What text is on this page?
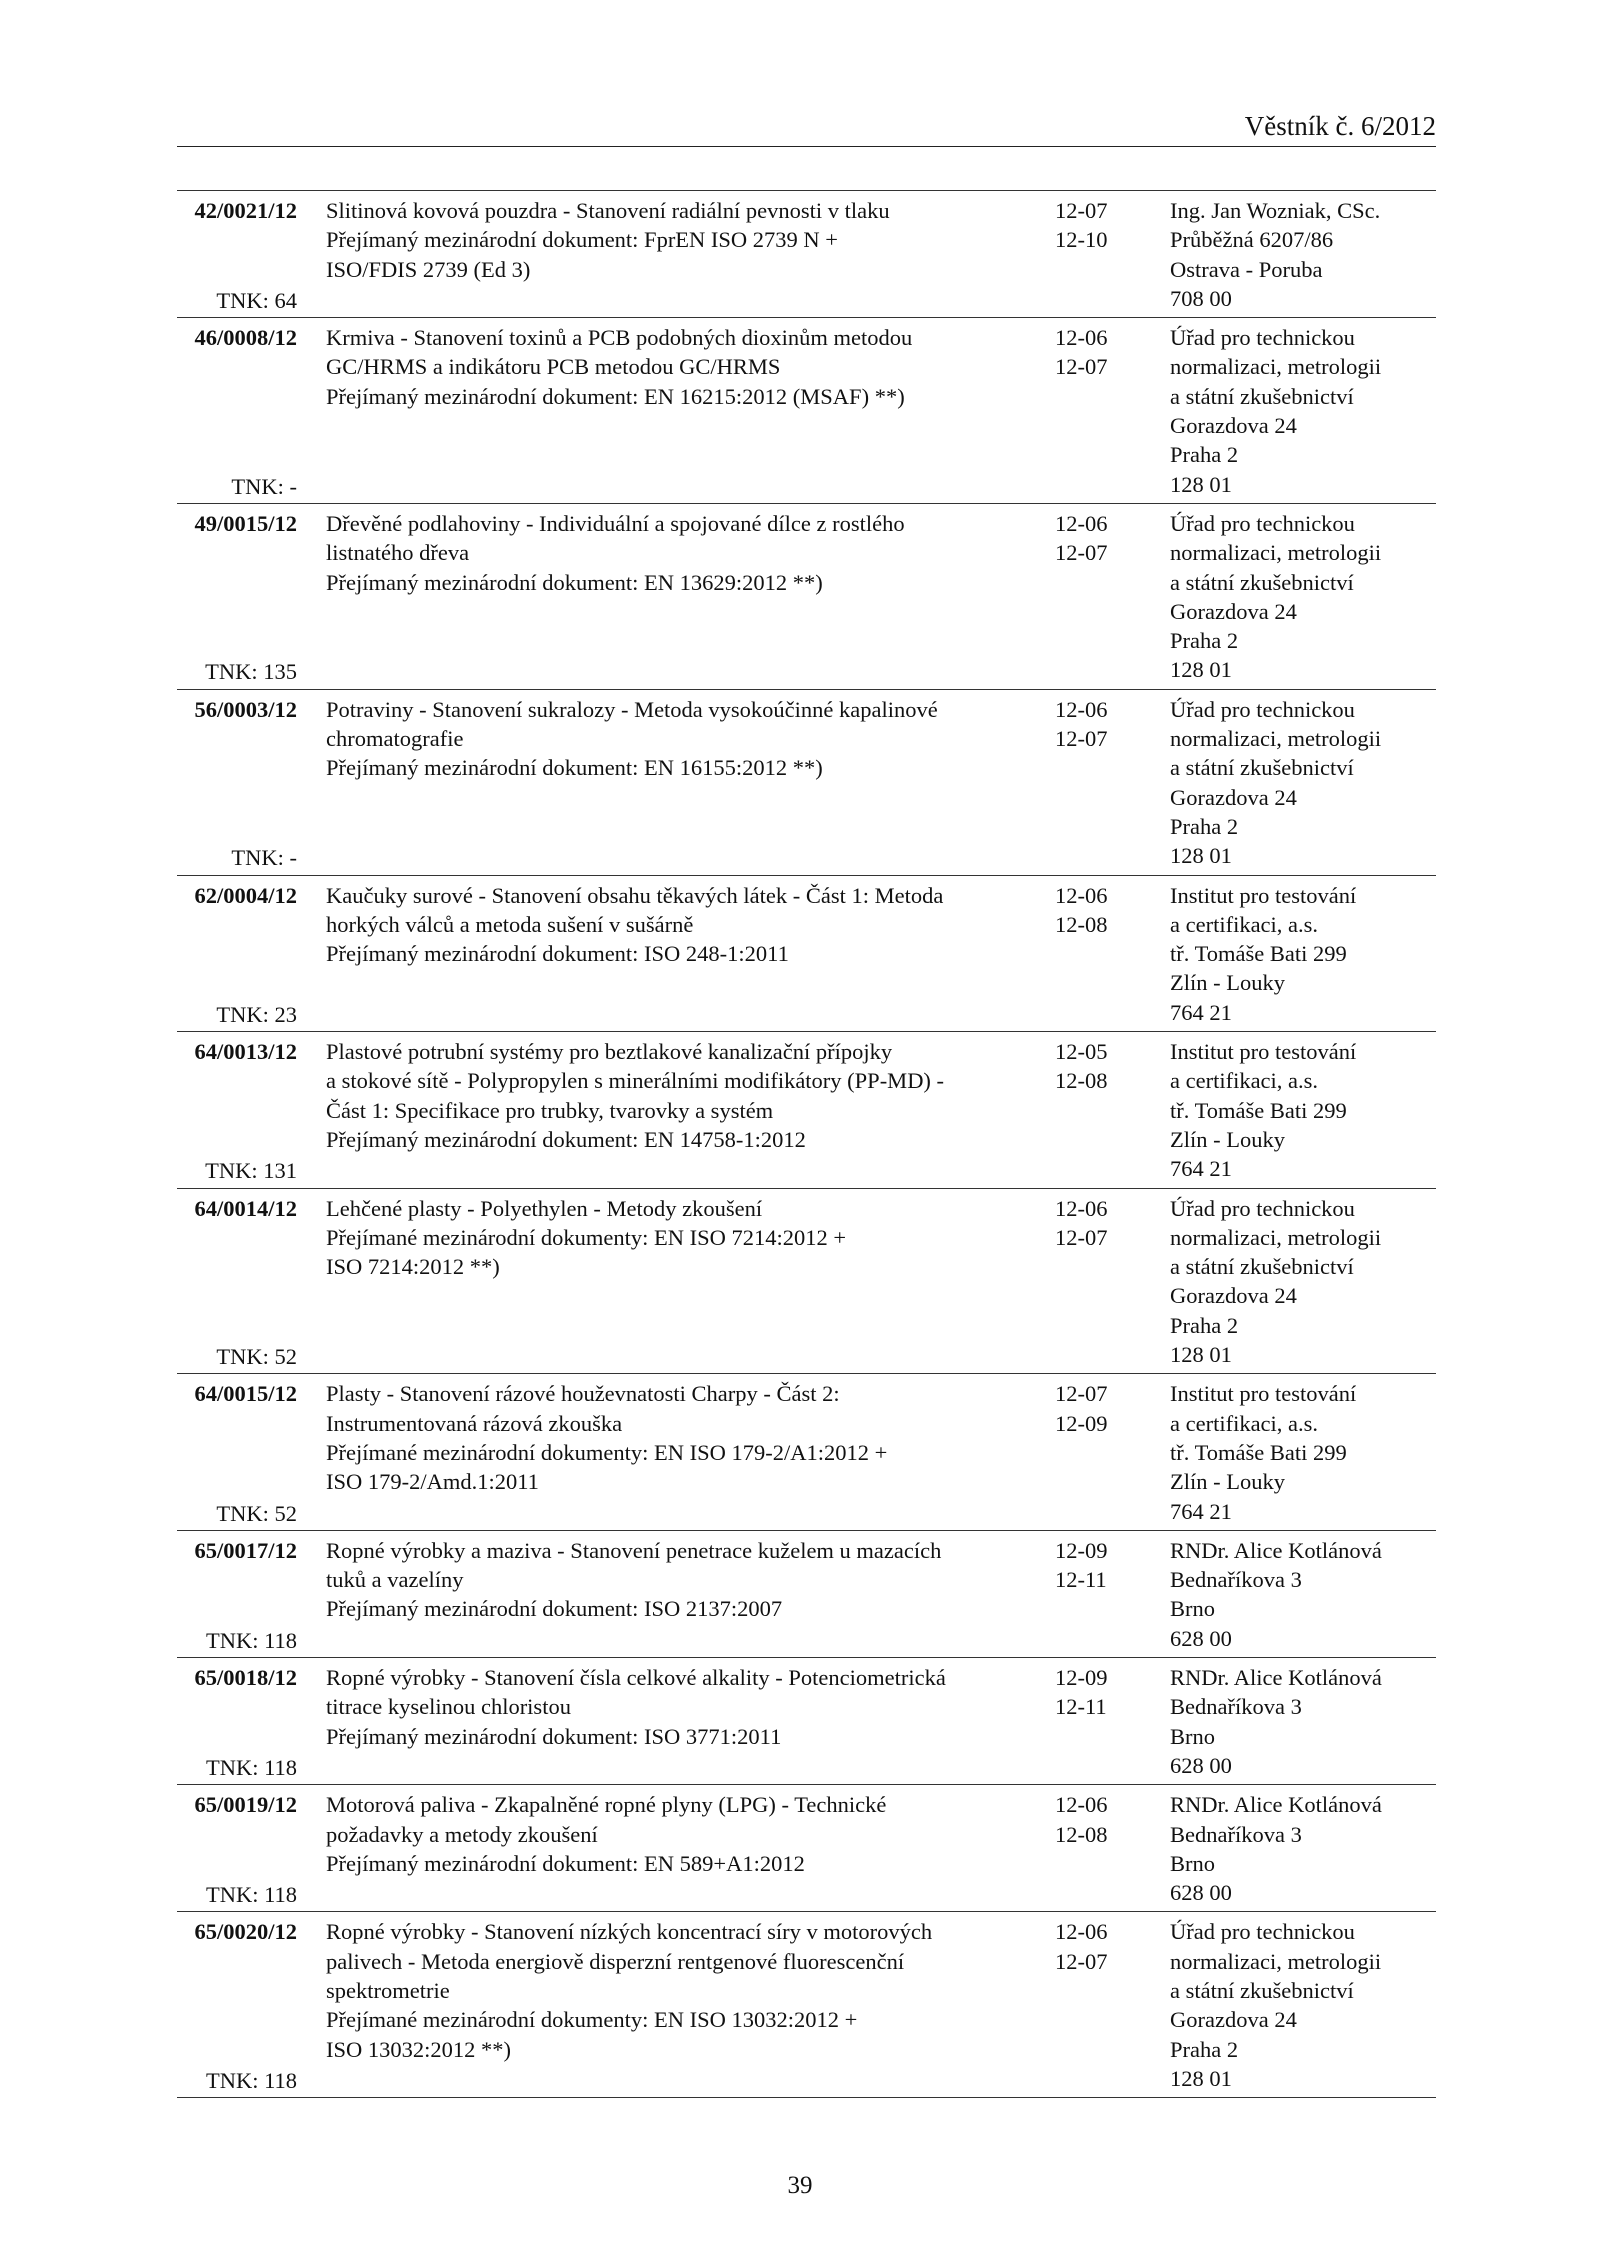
Věstník č. 6/2012
42/0021/12
TNK: 64
Slitinová kovová pouzdra - Stanovení radiální pevnosti v tlaku
Přejímaný mezinárodní dokument: FprEN ISO 2739 N +
ISO/FDIS 2739 (Ed 3)
12-07
12-10
Ing. Jan Wozniak, CSc.
Průběžná 6207/86
Ostrava - Poruba
708 00
46/0008/12
TNK: -
Krmiva - Stanovení toxinů a PCB podobných dioxinům metodou
GC/HRMS a indikátoru PCB metodou GC/HRMS
Přejímaný mezinárodní dokument: EN 16215:2012 (MSAF) **)
12-06
12-07
Úřad pro technickou
normalizaci, metrologii
a státní zkušebnictví
Gorazdova 24
Praha 2
128 01
49/0015/12
TNK: 135
Dřevěné podlahoviny - Individuální a spojované dílce z rostlého
listnatého dřeva
Přejímaný mezinárodní dokument: EN 13629:2012 **)
12-06
12-07
Úřad pro technickou
normalizaci, metrologii
a státní zkušebnictví
Gorazdova 24
Praha 2
128 01
56/0003/12
TNK: -
Potraviny - Stanovení sukralozy - Metoda vysokoúčinné kapalinové
chromatografie
Přejímaný mezinárodní dokument: EN 16155:2012 **)
12-06
12-07
Úřad pro technickou
normalizaci, metrologii
a státní zkušebnictví
Gorazdova 24
Praha 2
128 01
62/0004/12
TNK: 23
Kaučuky surové - Stanovení obsahu těkavých látek - Část 1: Metoda
horkých válců a metoda sušení v sušárně
Přejímaný mezinárodní dokument: ISO 248-1:2011
12-06
12-08
Institut pro testování
a certifikaci, a.s.
tř. Tomáše Bati 299
Zlín - Louky
764 21
64/0013/12
TNK: 131
Plastové potrubní systémy pro beztlakové kanalizační přípojky
a stokové sítě - Polypropylen s minerálními modifikátory (PP-MD) -
Část 1: Specifikace pro trubky, tvarovky a systém
Přejímaný mezinárodní dokument: EN 14758-1:2012
12-05
12-08
Institut pro testování
a certifikaci, a.s.
tř. Tomáše Bati 299
Zlín - Louky
764 21
64/0014/12
TNK: 52
Lehčené plasty - Polyethylen - Metody zkoušení
Přejímané mezinárodní dokumenty: EN ISO 7214:2012 +
ISO 7214:2012 **)
12-06
12-07
Úřad pro technickou
normalizaci, metrologii
a státní zkušebnictví
Gorazdova 24
Praha 2
128 01
64/0015/12
TNK: 52
Plasty - Stanovení rázové houževnatosti Charpy - Část 2:
Instrumentovaná rázová zkouška
Přejímané mezinárodní dokumenty: EN ISO 179-2/A1:2012 +
ISO 179-2/Amd.1:2011
12-07
12-09
Institut pro testování
a certifikaci, a.s.
tř. Tomáše Bati 299
Zlín - Louky
764 21
65/0017/12
TNK: 118
Ropné výrobky a maziva - Stanovení penetrace kuželem u mazacích
tuků a vazelíny
Přejímaný mezinárodní dokument: ISO 2137:2007
12-09
12-11
RNDr. Alice Kotlánová
Bednaříkova 3
Brno
628 00
65/0018/12
TNK: 118
Ropné výrobky - Stanovení čísla celkové alkality - Potenciometrická
titrace kyselinou chloristou
Přejímaný mezinárodní dokument: ISO 3771:2011
12-09
12-11
RNDr. Alice Kotlánová
Bednaříkova 3
Brno
628 00
65/0019/12
TNK: 118
Motorová paliva - Zkapalněné ropné plyny (LPG) - Technické
požadavky a metody zkoušení
Přejímaný mezinárodní dokument: EN 589+A1:2012
12-06
12-08
RNDr. Alice Kotlánová
Bednaříkova 3
Brno
628 00
65/0020/12
TNK: 118
Ropné výrobky - Stanovení nízkých koncentrací síry v motorových
palivech - Metoda energiově disperzní rentgenové fluorescenční
spektrometrie
Přejímané mezinárodní dokumenty: EN ISO 13032:2012 +
ISO 13032:2012 **)
12-06
12-07
Úřad pro technickou
normalizaci, metrologii
a státní zkušebnictví
Gorazdova 24
Praha 2
128 01
39
